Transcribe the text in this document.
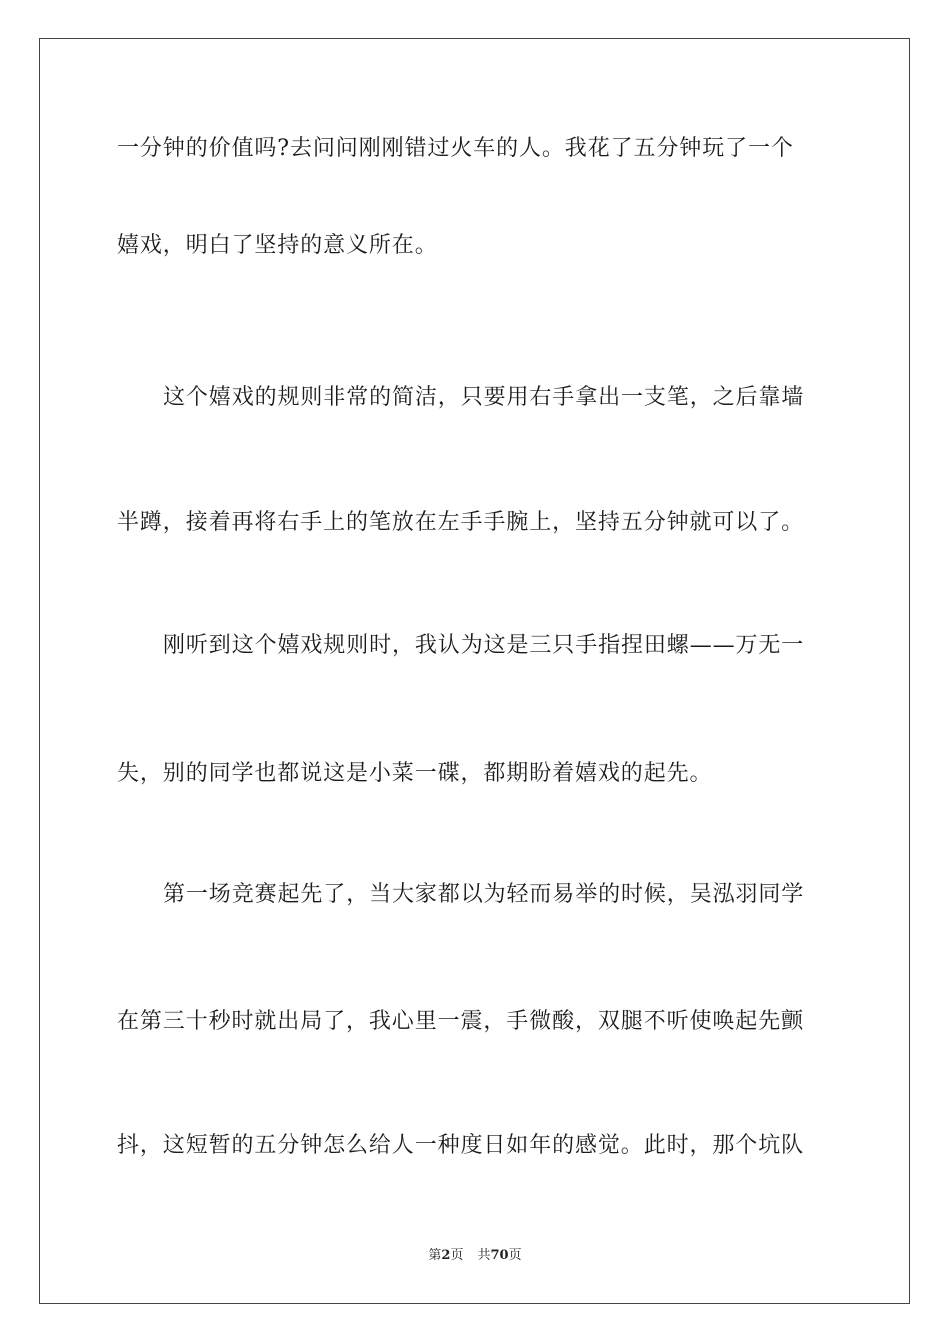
一分钟的价值吗?去问问刚刚错过火车的人。我花了五分钟玩了一个
嬉戏，明白了坚持的意义所在。
这个嬉戏的规则非常的简洁，只要用右手拿出一支笔，之后靠墙
半蹲，接着再将右手上的笔放在左手手腕上，坚持五分钟就可以了。
刚听到这个嬉戏规则时，我认为这是三只手指捏田螺——万无一
失，别的同学也都说这是小菜一碟，都期盼着嬉戏的起先。
第一场竞赛起先了，当大家都以为轻而易举的时候，吴泓羽同学
在第三十秒时就出局了，我心里一震，手微酸，双腿不听使唤起先颤
抖，这短暂的五分钟怎么给人一种度日如年的感觉。此时，那个坑队
第2页 共70页
